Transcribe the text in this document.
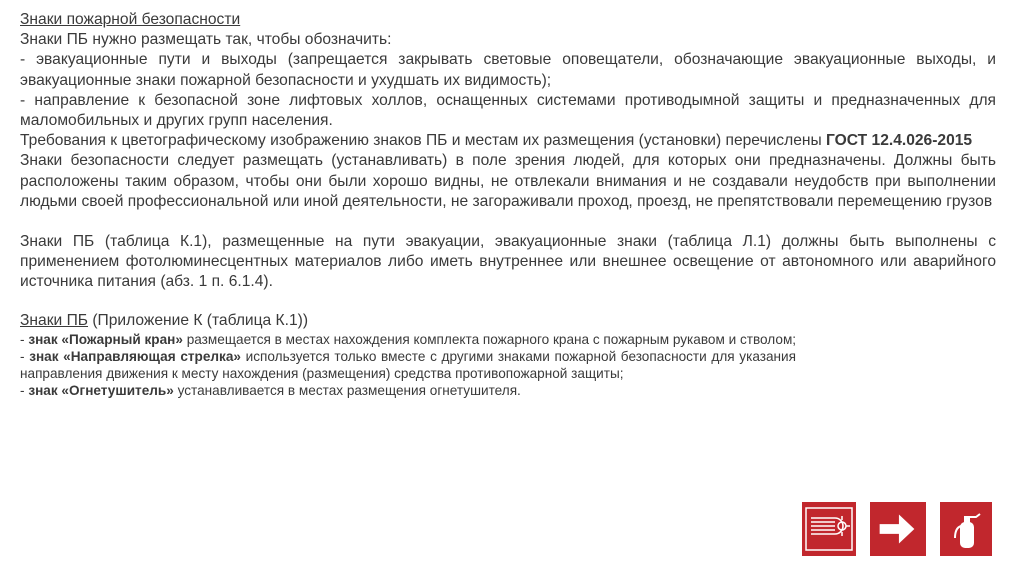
Знаки пожарной безопасности

Знаки ПБ нужно размещать так, чтобы обозначить:

- эвакуационные пути и выходы (запрещается закрывать световые оповещатели, обозначающие эвакуационные выходы, и эвакуационные знаки пожарной безопасности и ухудшать их видимость);

- направление к безопасной зоне лифтовых холлов, оснащенных системами противодымной защиты и предназначенных для маломобильных и других групп населения.

Требования к цветографическому изображению знаков ПБ и местам их размещения (установки) перечислены ГОСТ 12.4.026-2015

Знаки безопасности следует размещать (устанавливать) в поле зрения людей, для которых они предназначены. Должны быть расположены таким образом, чтобы они были хорошо видны, не отвлекали внимания и не создавали неудобств при выполнении людьми своей профессиональной или иной деятельности, не загораживали проход, проезд, не препятствовали перемещению грузов

Знаки ПБ (таблица К.1), размещенные на пути эвакуации, эвакуационные знаки (таблица Л.1) должны быть выполнены с применением фотолюминесцентных материалов либо иметь внутреннее или внешнее освещение от автономного или аварийного источника питания (абз. 1 п. 6.1.4).

Знаки ПБ (Приложение К (таблица К.1))

- знак «Пожарный кран» размещается в местах нахождения комплекта пожарного крана с пожарным рукавом и стволом;

- знак «Направляющая стрелка» используется только вместе с другими знаками пожарной безопасности для указания направления движения к месту нахождения (размещения) средства противопожарной защиты;

- знак «Огнетушитель» устанавливается в местах размещения огнетушителя.
